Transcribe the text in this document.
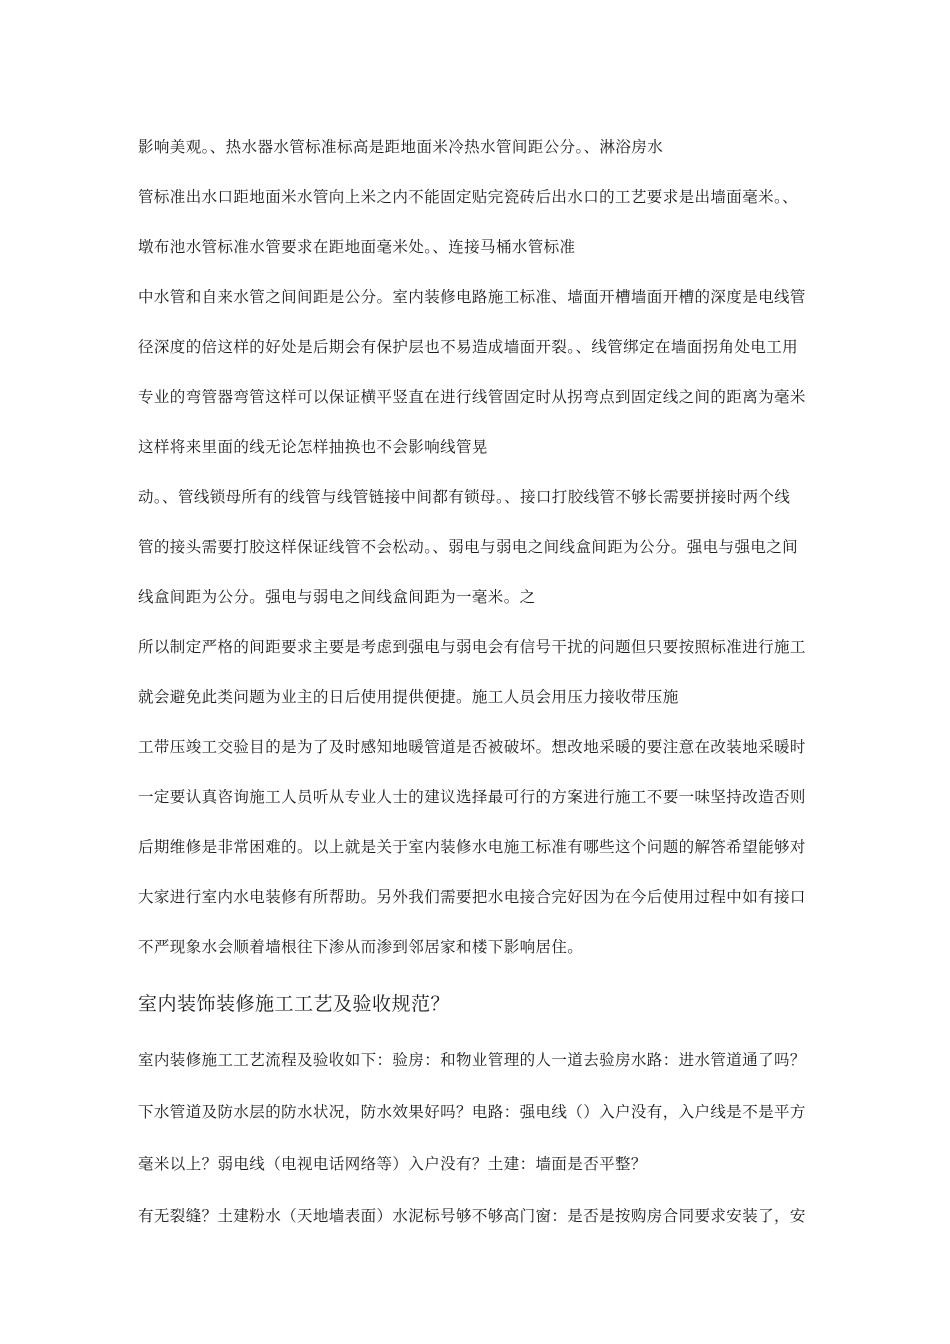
影响美观。、热水器水管标准标高是距地面米冷热水管间距公分。、淋浴房水
管标准出水口距地面米水管向上米之内不能固定贴完瓷砖后出水口的工艺要求是出墙面毫米。、
墩布池水管标准水管要求在距地面毫米处。、连接马桶水管标准
中水管和自来水管之间间距是公分。室内装修电路施工标准、墙面开槽墙面开槽的深度是电线管
径深度的倍这样的好处是后期会有保护层也不易造成墙面开裂。、线管绑定在墙面拐角处电工用
专业的弯管器弯管这样可以保证横平竖直在进行线管固定时从拐弯点到固定线之间的距离为毫米
这样将来里面的线无论怎样抽换也不会影响线管晃
动。、管线锁母所有的线管与线管链接中间都有锁母。、接口打胶线管不够长需要拼接时两个线
管的接头需要打胶这样保证线管不会松动。、弱电与弱电之间线盒间距为公分。强电与强电之间
线盒间距为公分。强电与弱电之间线盒间距为一毫米。之
所以制定严格的间距要求主要是考虑到强电与弱电会有信号干扰的问题但只要按照标准进行施工
就会避免此类问题为业主的日后使用提供便捷。施工人员会用压力接收带压施
工带压竣工交验目的是为了及时感知地暖管道是否被破坏。想改地采暖的要注意在改装地采暖时
一定要认真咨询施工人员听从专业人士的建议选择最可行的方案进行施工不要一味坚持改造否则
后期维修是非常困难的。以上就是关于室内装修水电施工标准有哪些这个问题的解答希望能够对
大家进行室内水电装修有所帮助。另外我们需要把水电接合完好因为在今后使用过程中如有接口
不严现象水会顺着墙根往下渗从而渗到邻居家和楼下影响居住。
室内装饰装修施工工艺及验收规范？
室内装修施工工艺流程及验收如下：验房：和物业管理的人一道去验房水路：进水管道通了吗？
下水管道及防水层的防水状况，防水效果好吗？电路：强电线（）入户没有，入户线是不是平方
毫米以上？弱电线（电视电话网络等）入户没有？土建：墙面是否平整？
有无裂缝？土建粉水（天地墙表面）水泥标号够不够高门窗：是否是按购房合同要求安装了，安
